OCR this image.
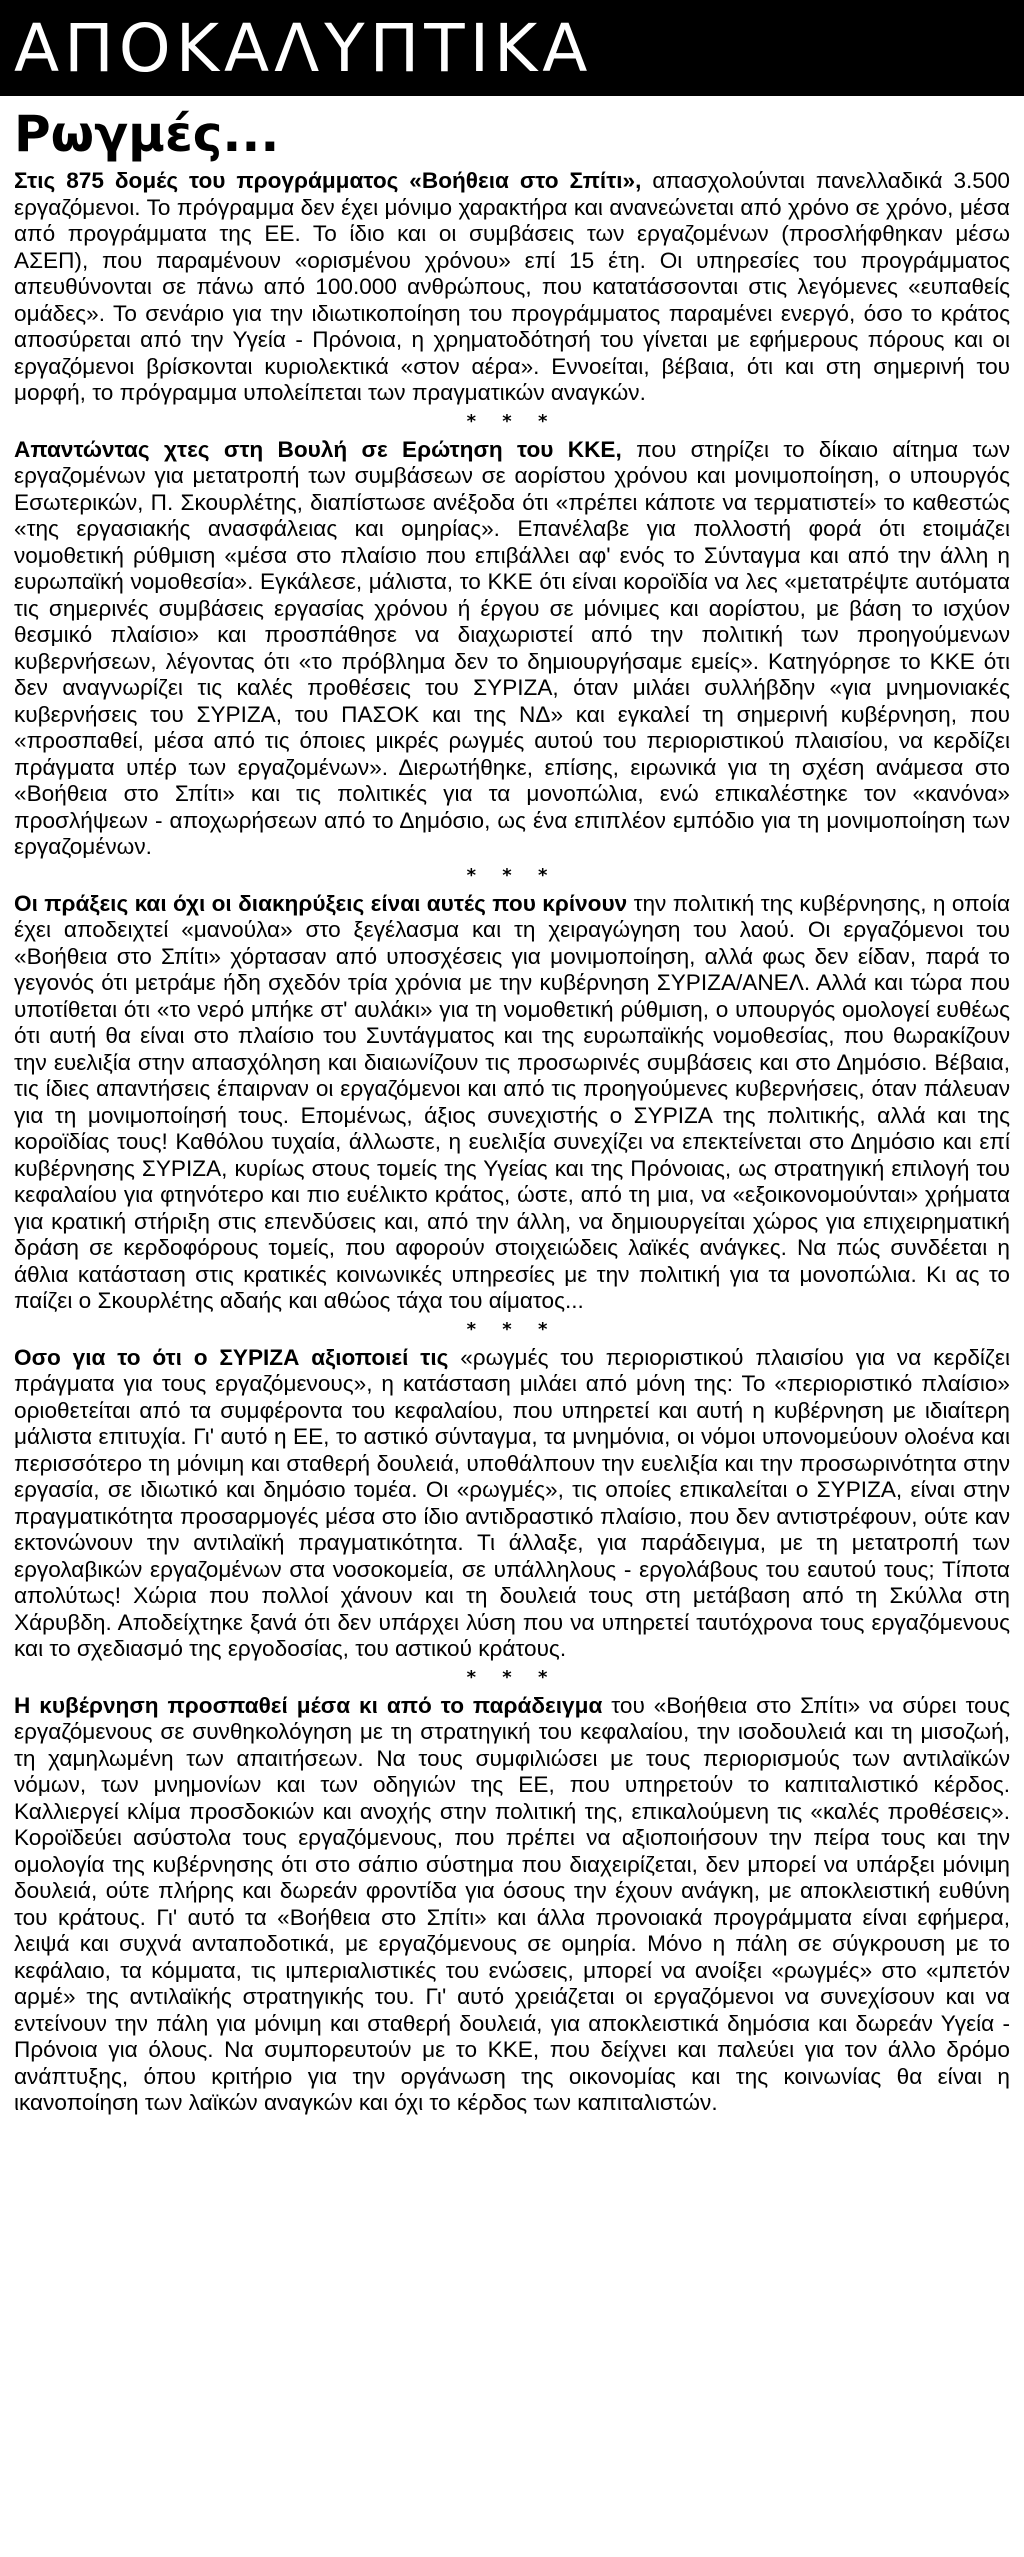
ΑΠΟΚΑΛΥΠΤΙΚΑ
Ρωγμές...

Στις 875 δομές του προγράμματος «Βοήθεια στο Σπίτι», απασχολούνται πανελλαδικά 3.500 εργαζόμενοι. Το πρόγραμμα δεν έχει μόνιμο χαρακτήρα και ανανεώνεται από χρόνο σε χρόνο, μέσα από προγράμματα της ΕΕ. Το ίδιο και οι συμβάσεις των εργαζομένων (προσλήφθηκαν μέσω ΑΣΕΠ), που παραμένουν «ορισμένου χρόνου» επί 15 έτη. Οι υπηρεσίες του προγράμματος απευθύνονται σε πάνω από 100.000 ανθρώπους, που κατατάσσονται στις λεγόμενες «ευπαθείς ομάδες». Το σενάριο για την ιδιωτικοποίηση του προγράμματος παραμένει ενεργό, όσο το κράτος αποσύρεται από την Υγεία - Πρόνοια, η χρηματοδότησή του γίνεται με εφήμερους πόρους και οι εργαζόμενοι βρίσκονται κυριολεκτικά «στον αέρα». Εννοείται, βέβαια, ότι και στη σημερινή του μορφή, το πρόγραμμα υπολείπεται των πραγματικών αναγκών.

* * *

Απαντώντας χτες στη Βουλή σε Ερώτηση του ΚΚΕ, που στηρίζει το δίκαιο αίτημα των εργαζομένων για μετατροπή των συμβάσεων σε αορίστου χρόνου και μονιμοποίηση, ο υπουργός Εσωτερικών, Π. Σκουρλέτης, διαπίστωσε ανέξοδα ότι «πρέπει κάποτε να τερματιστεί» το καθεστώς «της εργασιακής ανασφάλειας και ομηρίας». Επανέλαβε για πολλοστή φορά ότι ετοιμάζει νομοθετική ρύθμιση «μέσα στο πλαίσιο που επιβάλλει αφ' ενός το Σύνταγμα και από την άλλη η ευρωπαϊκή νομοθεσία». Εγκάλεσε, μάλιστα, το ΚΚΕ ότι είναι κοροϊδία να λες «μετατρέψτε αυτόματα τις σημερινές συμβάσεις εργασίας χρόνου ή έργου σε μόνιμες και αορίστου, με βάση το ισχύον θεσμικό πλαίσιο» και προσπάθησε να διαχωριστεί από την πολιτική των προηγούμενων κυβερνήσεων, λέγοντας ότι «το πρόβλημα δεν το δημιουργήσαμε εμείς». Κατηγόρησε το ΚΚΕ ότι δεν αναγνωρίζει τις καλές προθέσεις του ΣΥΡΙΖΑ, όταν μιλάει συλλήβδην «για μνημονιακές κυβερνήσεις του ΣΥΡΙΖΑ, του ΠΑΣΟΚ και της ΝΔ» και εγκαλεί τη σημερινή κυβέρνηση, που «προσπαθεί, μέσα από τις όποιες μικρές ρωγμές αυτού του περιοριστικού πλαισίου, να κερδίζει πράγματα υπέρ των εργαζομένων». Διερωτήθηκε, επίσης, ειρωνικά για τη σχέση ανάμεσα στο «Βοήθεια στο Σπίτι» και τις πολιτικές για τα μονοπώλια, ενώ επικαλέστηκε τον «κανόνα» προσλήψεων - αποχωρήσεων από το Δημόσιο, ως ένα επιπλέον εμπόδιο για τη μονιμοποίηση των εργαζομένων.

* * *

Οι πράξεις και όχι οι διακηρύξεις είναι αυτές που κρίνουν την πολιτική της κυβέρνησης, η οποία έχει αποδειχτεί «μανούλα» στο ξεγέλασμα και τη χειραγώγηση του λαού. Οι εργαζόμενοι του «Βοήθεια στο Σπίτι» χόρτασαν από υποσχέσεις για μονιμοποίηση, αλλά φως δεν είδαν, παρά το γεγονός ότι μετράμε ήδη σχεδόν τρία χρόνια με την κυβέρνηση ΣΥΡΙΖΑ/ΑΝΕΛ. Αλλά και τώρα που υποτίθεται ότι «το νερό μπήκε στ' αυλάκι» για τη νομοθετική ρύθμιση, ο υπουργός ομολογεί ευθέως ότι αυτή θα είναι στο πλαίσιο του Συντάγματος και της ευρωπαϊκής νομοθεσίας, που θωρακίζουν την ευελιξία στην απασχόληση και διαιωνίζουν τις προσωρινές συμβάσεις και στο Δημόσιο. Βέβαια, τις ίδιες απαντήσεις έπαιρναν οι εργαζόμενοι και από τις προηγούμενες κυβερνήσεις, όταν πάλευαν για τη μονιμοποίησή τους. Επομένως, άξιος συνεχιστής ο ΣΥΡΙΖΑ της πολιτικής, αλλά και της κοροϊδίας τους! Καθόλου τυχαία, άλλωστε, η ευελιξία συνεχίζει να επεκτείνεται στο Δημόσιο και επί κυβέρνησης ΣΥΡΙΖΑ, κυρίως στους τομείς της Υγείας και της Πρόνοιας, ως στρατηγική επιλογή του κεφαλαίου για φτηνότερο και πιο ευέλικτο κράτος, ώστε, από τη μια, να «εξοικονομούνται» χρήματα για κρατική στήριξη στις επενδύσεις και, από την άλλη, να δημιουργείται χώρος για επιχειρηματική δράση σε κερδοφόρους τομείς, που αφορούν στοιχειώδεις λαϊκές ανάγκες. Να πώς συνδέεται η άθλια κατάσταση στις κρατικές κοινωνικές υπηρεσίες με την πολιτική για τα μονοπώλια. Κι ας το παίζει ο Σκουρλέτης αδαής και αθώος τάχα του αίματος...

* * *

Οσο για το ότι ο ΣΥΡΙΖΑ αξιοποιεί τις «ρωγμές του περιοριστικού πλαισίου για να κερδίζει πράγματα για τους εργαζόμενους», η κατάσταση μιλάει από μόνη της: Το «περιοριστικό πλαίσιο» οριοθετείται από τα συμφέροντα του κεφαλαίου, που υπηρετεί και αυτή η κυβέρνηση με ιδιαίτερη μάλιστα επιτυχία. Γι' αυτό η ΕΕ, το αστικό σύνταγμα, τα μνημόνια, οι νόμοι υπονομεύουν ολοένα και περισσότερο τη μόνιμη και σταθερή δουλειά, υποθάλπουν την ευελιξία και την προσωρινότητα στην εργασία, σε ιδιωτικό και δημόσιο τομέα. Οι «ρωγμές», τις οποίες επικαλείται ο ΣΥΡΙΖΑ, είναι στην πραγματικότητα προσαρμογές μέσα στο ίδιο αντιδραστικό πλαίσιο, που δεν αντιστρέφουν, ούτε καν εκτονώνουν την αντιλαϊκή πραγματικότητα. Τι άλλαξε, για παράδειγμα, με τη μετατροπή των εργολαβικών εργαζομένων στα νοσοκομεία, σε υπάλληλους - εργολάβους του εαυτού τους; Τίποτα απολύτως! Χώρια που πολλοί χάνουν και τη δουλειά τους στη μετάβαση από τη Σκύλλα στη Χάρυβδη. Αποδείχτηκε ξανά ότι δεν υπάρχει λύση που να υπηρετεί ταυτόχρονα τους εργαζόμενους και το σχεδιασμό της εργοδοσίας, του αστικού κράτους.

* * *

Η κυβέρνηση προσπαθεί μέσα κι από το παράδειγμα του «Βοήθεια στο Σπίτι» να σύρει τους εργαζόμενους σε συνθηκολόγηση με τη στρατηγική του κεφαλαίου, την ισοδουλειά και τη μισοζωή, τη χαμηλωμένη των απαιτήσεων. Να τους συμφιλιώσει με τους περιορισμούς των αντιλαϊκών νόμων, των μνημονίων και των οδηγιών της ΕΕ, που υπηρετούν το καπιταλιστικό κέρδος. Καλλιεργεί κλίμα προσδοκιών και ανοχής στην πολιτική της, επικαλούμενη τις «καλές προθέσεις». Κοροϊδεύει ασύστολα τους εργαζόμενους, που πρέπει να αξιοποιήσουν την πείρα τους και την ομολογία της κυβέρνησης ότι στο σάπιο σύστημα που διαχειρίζεται, δεν μπορεί να υπάρξει μόνιμη δουλειά, ούτε πλήρης και δωρεάν φροντίδα για όσους την έχουν ανάγκη, με αποκλειστική ευθύνη του κράτους. Γι' αυτό τα «Βοήθεια στο Σπίτι» και άλλα προνοιακά προγράμματα είναι εφήμερα, λειψά και συχνά ανταποδοτικά, με εργαζόμενους σε ομηρία. Μόνο η πάλη σε σύγκρουση με το κεφάλαιο, τα κόμματα, τις ιμπεριαλιστικές του ενώσεις, μπορεί να ανοίξει «ρωγμές» στο «μπετόν αρμέ» της αντιλαϊκής στρατηγικής του. Γι' αυτό χρειάζεται οι εργαζόμενοι να συνεχίσουν και να εντείνουν την πάλη για μόνιμη και σταθερή δουλειά, για αποκλειστικά δημόσια και δωρεάν Υγεία - Πρόνοια για όλους. Να συμπορευτούν με το ΚΚΕ, που δείχνει και παλεύει για τον άλλο δρόμο ανάπτυξης, όπου κριτήριο για την οργάνωση της οικονομίας και της κοινωνίας θα είναι η ικανοποίηση των λαϊκών αναγκών και όχι το κέρδος των καπιταλιστών.
